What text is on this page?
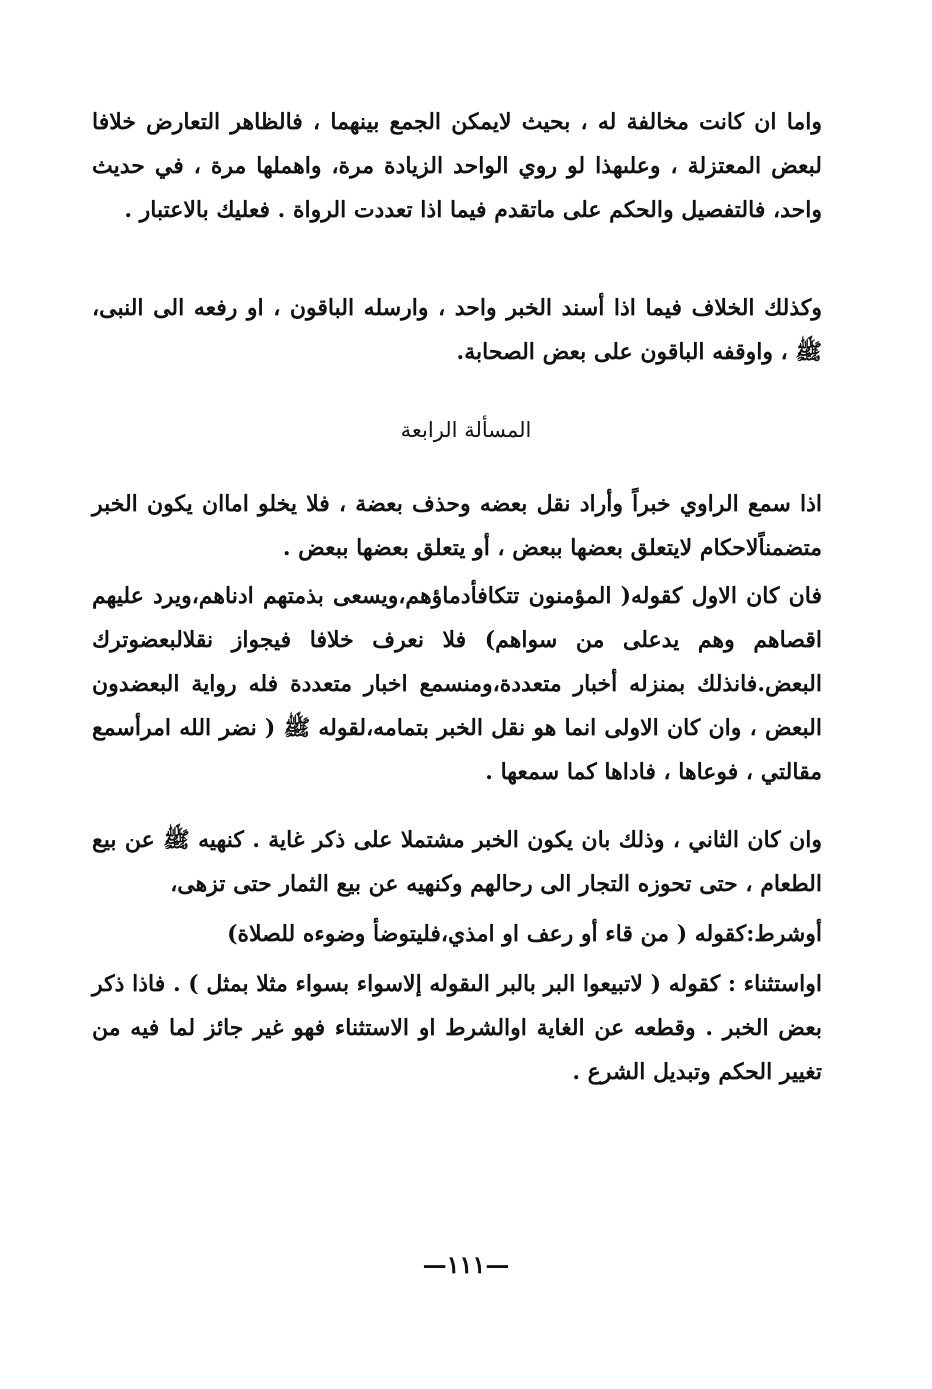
واما ان كانت مخالفة له ، بحيث لايمكن الجمع بينهما ، فالظاهر التعارض خلافا لبعض المعتزلة ، وعلىهذا لو روي الواحد الزيادة مرة، واهملها مرة ، في حديث واحد، فالتفصيل والحكم على ماتقدم فيما اذا تعددت الرواة . فعليك بالاعتبار .

وكذلك الخلاف فيما اذا أسند الخبر واحد ، وارسله الباقون ، او رفعه الى النبى، ﷺ ، واوقفه الباقون على بعض الصحابة.

المسألة الرابعة

اذا سمع الراوي خبراً وأراد نقل بعضه وحذف بعضة ، فلا يخلو اماان يكون الخبر متضمناًلاحكام لايتعلق بعضها ببعض ، أو يتعلق بعضها ببعض .

فان كان الاول كقوله( المؤمنون تتكافأدماؤهم،ويسعى بذمتهم ادناهم،ويرد عليهم اقصاهم وهم يدعلى من سواهم) فلا نعرف خلافا فيجواز نقلالبعضوترك البعض.فانذلك بمنزله أخبار متعددة،ومنسمع اخبار متعددة فله رواية البعضدون البعض ، وان كان الاولى انما هو نقل الخبر بتمامه،لقوله ﷺ ( نضر الله امرأسمع مقالتي ، فوعاها ، فاداها كما سمعها .

وان كان الثاني ، وذلك بان يكون الخبر مشتملا على ذكر غاية . كنهيه ﷺ عن بيع الطعام ، حتى تحوزه التجار الى رحالهم وكنهيه عن بيع الثمار حتى تزهى،

أوشرط:كقوله ( من قاء أو رعف او امذي،فليتوضأ وضوءه للصلاة)

اواستثناء : كقوله ( لاتبيعوا البر بالبر الىقوله إلاسواء بسواء مثلا بمثل ) . فاذا ذكر بعض الخبر . وقطعه عن الغاية اوالشرط او الاستثناء فهو غير جائز لما فيه من تغيير الحكم وتبديل الشرع .

—١١١—
